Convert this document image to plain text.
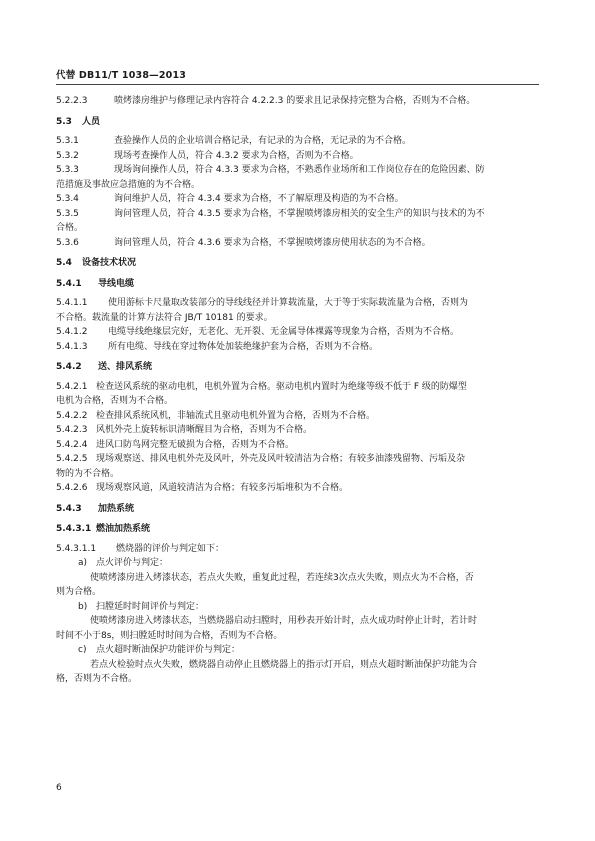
代替 DB11/T 1038—2013
5.2.2.3	喷烤漆房维护与修理记录内容符合 4.2.2.3 的要求且记录保持完整为合格，否则为不合格。
5.3 人员
5.3.1	查验操作人员的企业培训合格记录，有记录的为合格，无记录的为不合格。
5.3.2	现场考查操作人员，符合 4.3.2 要求为合格，否则为不合格。
5.3.3	现场询问操作人员，符合 4.3.3 要求为合格，不熟悉作业场所和工作岗位存在的危险因素、防
范措施及事故应急措施的为不合格。
5.3.4	询问维护人员，符合 4.3.4 要求为合格，不了解原理及构造的为不合格。
5.3.5	询问管理人员，符合 4.3.5 要求为合格，不掌握喷烤漆房相关的安全生产的知识与技术的为不
合格。
5.3.6	询问管理人员，符合 4.3.6 要求为合格，不掌握喷烤漆房使用状态的为不合格。
5.4 设备技术状况
5.4.1 导线电缆
5.4.1.1 使用游标卡尺量取改装部分的导线线径并计算载流量，大于等于实际载流量为合格，否则为
不合格。载流量的计算方法符合 JB/T 10181 的要求。
5.4.1.2 电缆导线绝缘层完好，无老化、无开裂、无金属导体裸露等现象为合格，否则为不合格。
5.4.1.3 所有电缆、导线在穿过物体处加装绝缘护套为合格，否则为不合格。
5.4.2 送、排风系统
5.4.2.1 检查送风系统的驱动电机，电机外置为合格。驱动电机内置时为绝缘等级不低于 F 级的防爆型
电机为合格，否则为不合格。
5.4.2.2 检查排风系统风机，非轴流式且驱动电机外置为合格，否则为不合格。
5.4.2.3 风机外壳上旋转标识清晰醒目为合格，否则为不合格。
5.4.2.4 进风口防鸟网完整无破损为合格，否则为不合格。
5.4.2.5 现场观察送、排风电机外壳及风叶，外壳及风叶较清洁为合格；有较多油漆残留物、污垢及杂
物的为不合格。
5.4.2.6 现场观察风道，风道较清洁为合格；有较多污垢堆积为不合格。
5.4.3 加热系统
5.4.3.1 燃油加热系统
5.4.3.1.1 燃烧器的评价与判定如下：
a) 点火评价与判定：
使喷烤漆房进入烤漆状态，若点火失败，重复此过程，若连续3次点火失败，则点火为不合格，否
则为合格。
b) 扫膛延时时间评价与判定：
使喷烤漆房进入烤漆状态，当燃烧器启动扫膛时，用秒表开始计时，点火成功时停止计时，若计时
时间不小于8s，则扫膛延时时间为合格，否则为不合格。
c) 点火超时断油保护功能评价与判定：
若点火检验时点火失败，燃烧器自动停止且燃烧器上的指示灯开启，则点火超时断油保护功能为合
格，否则为不合格。
6
